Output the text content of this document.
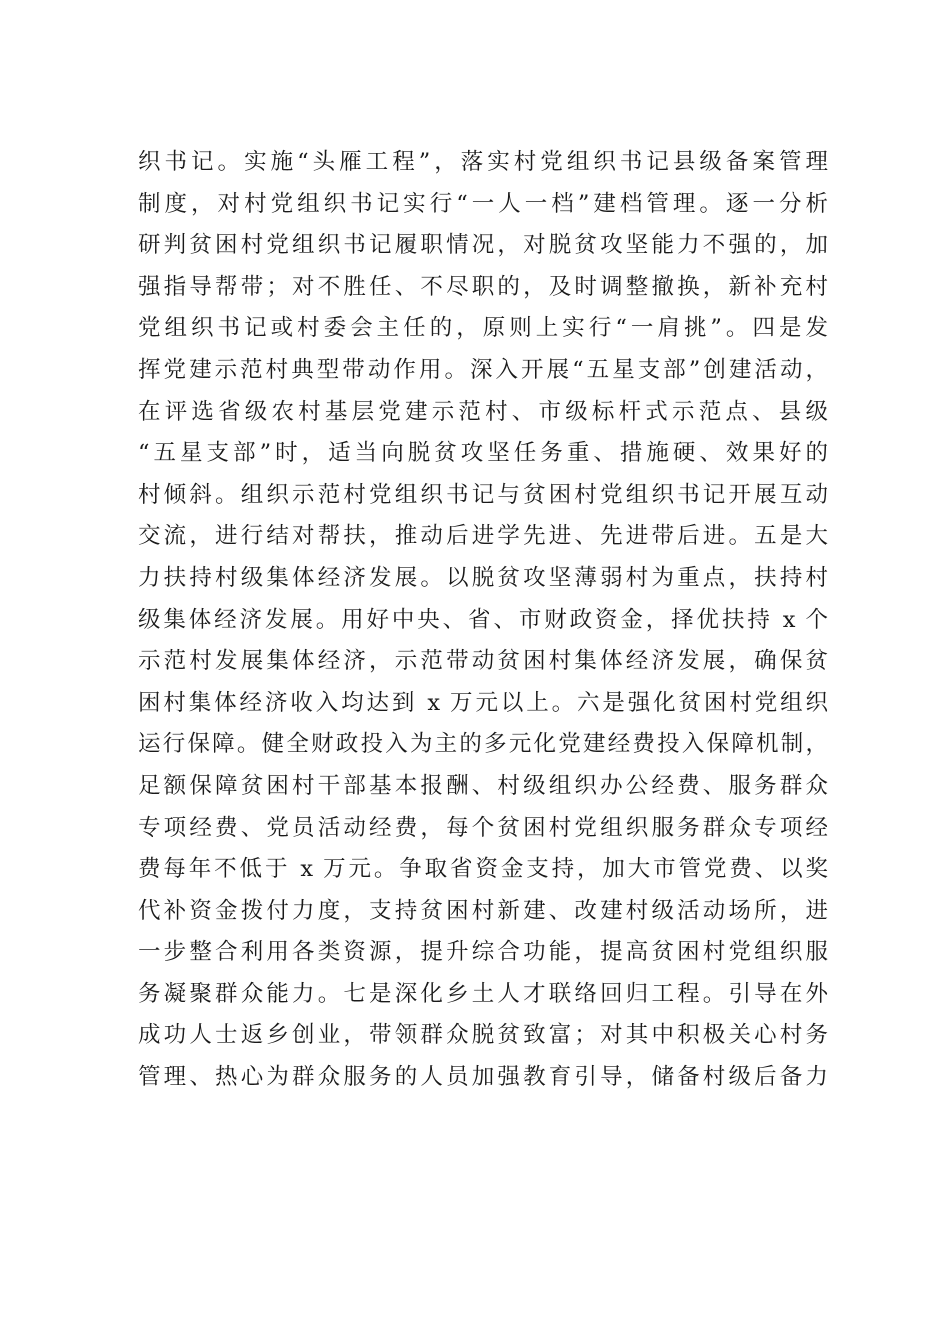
织书记。实施“头雁工程”，落实村党组织书记县级备案管理
制度，对村党组织书记实行“一人一档”建档管理。逐一分析
研判贫困村党组织书记履职情况，对脱贫攻坚能力不强的，加
强指导帮带；对不胜任、不尽职的，及时调整撤换，新补充村
党组织书记或村委会主任的，原则上实行“一肩挑”。四是发
挥党建示范村典型带动作用。深入开展“五星支部”创建活动，
在评选省级农村基层党建示范村、市级标杆式示范点、县级
“五星支部”时，适当向脱贫攻坚任务重、措施硬、效果好的
村倾斜。组织示范村党组织书记与贫困村党组织书记开展互动
交流，进行结对帮扶，推动后进学先进、先进带后进。五是大
力扶持村级集体经济发展。以脱贫攻坚薄弱村为重点，扶持村
级集体经济发展。用好中央、省、市财政资金，择优扶持 x 个
示范村发展集体经济，示范带动贫困村集体经济发展，确保贫
困村集体经济收入均达到 x 万元以上。六是强化贫困村党组织
运行保障。健全财政投入为主的多元化党建经费投入保障机制，
足额保障贫困村干部基本报酬、村级组织办公经费、服务群众
专项经费、党员活动经费，每个贫困村党组织服务群众专项经
费每年不低于 x 万元。争取省资金支持，加大市管党费、以奖
代补资金拨付力度，支持贫困村新建、改建村级活动场所，进
一步整合利用各类资源，提升综合功能，提高贫困村党组织服
务凝聚群众能力。七是深化乡土人才联络回归工程。引导在外
成功人士返乡创业，带领群众脱贫致富；对其中积极关心村务
管理、热心为群众服务的人员加强教育引导，储备村级后备力
